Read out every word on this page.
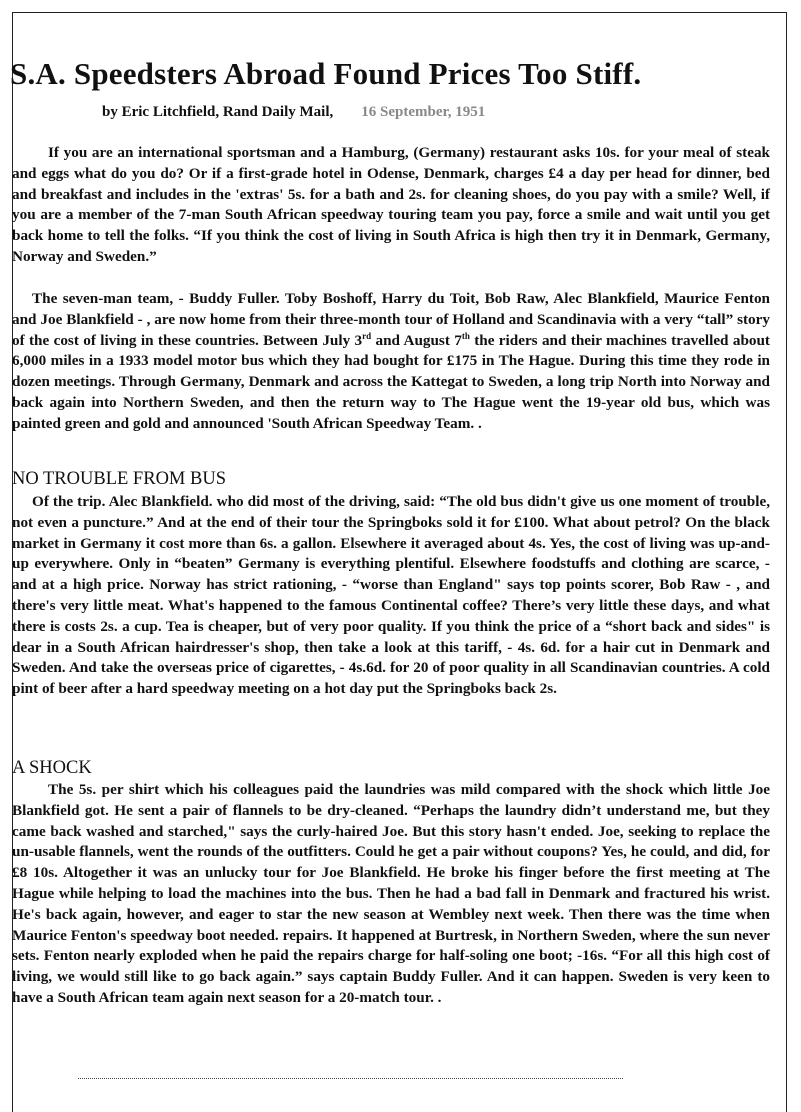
S.A. Speedsters Abroad Found Prices Too Stiff.
by Eric Litchfield, Rand Daily Mail, 16 September, 1951

If you are an international sportsman and a Hamburg, (Germany) restaurant asks 10s. for your meal of steak and eggs what do you do? Or if a first-grade hotel in Odense, Denmark, charges £4 a day per head for dinner, bed and breakfast and includes in the 'extras' 5s. for a bath and 2s. for cleaning shoes, do you pay with a smile? Well, if you are a member of the 7-man South African speedway touring team you pay, force a smile and wait until you get back home to tell the folks. “If you think the cost of living in South Africa is high then try it in Denmark, Germany, Norway and Sweden.”

The seven-man team, - Buddy Fuller. Toby Boshoff, Harry du Toit, Bob Raw, Alec Blankfield, Maurice Fenton and Joe Blankfield - , are now home from their three-month tour of Holland and Scandinavia with a very “tall” story of the cost of living in these countries. Between July 3rd and August 7th the riders and their machines travelled about 6,000 miles in a 1933 model motor bus which they had bought for £175 in The Hague. During this time they rode in dozen meetings. Through Germany, Denmark and across the Kattegat to Sweden, a long trip North into Norway and back again into Northern Sweden, and then the return way to The Hague went the 19-year old bus, which was painted green and gold and announced 'South African Speedway Team. .

NO TROUBLE FROM BUS

Of the trip. Alec Blankfield. who did most of the driving, said: “The old bus didn't give us one moment of trouble, not even a puncture.” And at the end of their tour the Springboks sold it for £100. What about petrol? On the black market in Germany it cost more than 6s. a gallon. Elsewhere it averaged about 4s. Yes, the cost of living was up-and-up everywhere. Only in “beaten” Germany is everything plentiful. Elsewhere foodstuffs and clothing are scarce, - and at a high price. Norway has strict rationing, - “worse than England" says top points scorer, Bob Raw - , and there's very little meat. What's happened to the famous Continental coffee? There’s very little these days, and what there is costs 2s. a cup. Tea is cheaper, but of very poor quality. If you think the price of a “short back and sides" is dear in a South African hairdresser's shop, then take a look at this tariff, - 4s. 6d. for a hair cut in Denmark and Sweden. And take the overseas price of cigarettes, - 4s.6d. for 20 of poor quality in all Scandinavian countries. A cold pint of beer after a hard speedway meeting on a hot day put the Springboks back 2s.

A SHOCK

The 5s. per shirt which his colleagues paid the laundries was mild compared with the shock which little Joe Blankfield got. He sent a pair of flannels to be dry-cleaned. “Perhaps the laundry didn’t understand me, but they came back washed and starched," says the curly-haired Joe. But this story hasn't ended. Joe, seeking to replace the un-usable flannels, went the rounds of the outfitters. Could he get a pair without coupons? Yes, he could, and did, for £8 10s. Altogether it was an unlucky tour for Joe Blankfield. He broke his finger before the first meeting at The Hague while helping to load the machines into the bus. Then he had a bad fall in Denmark and fractured his wrist. He's back again, however, and eager to star the new season at Wembley next week. Then there was the time when Maurice Fenton's speedway boot needed. repairs. It happened at Burtresk, in Northern Sweden, where the sun never sets. Fenton nearly exploded when he paid the repairs charge for half-soling one boot; -16s. “For all this high cost of living, we would still like to go back again.” says captain Buddy Fuller. And it can happen. Sweden is very keen to have a South African team again next season for a 20-match tour. .
